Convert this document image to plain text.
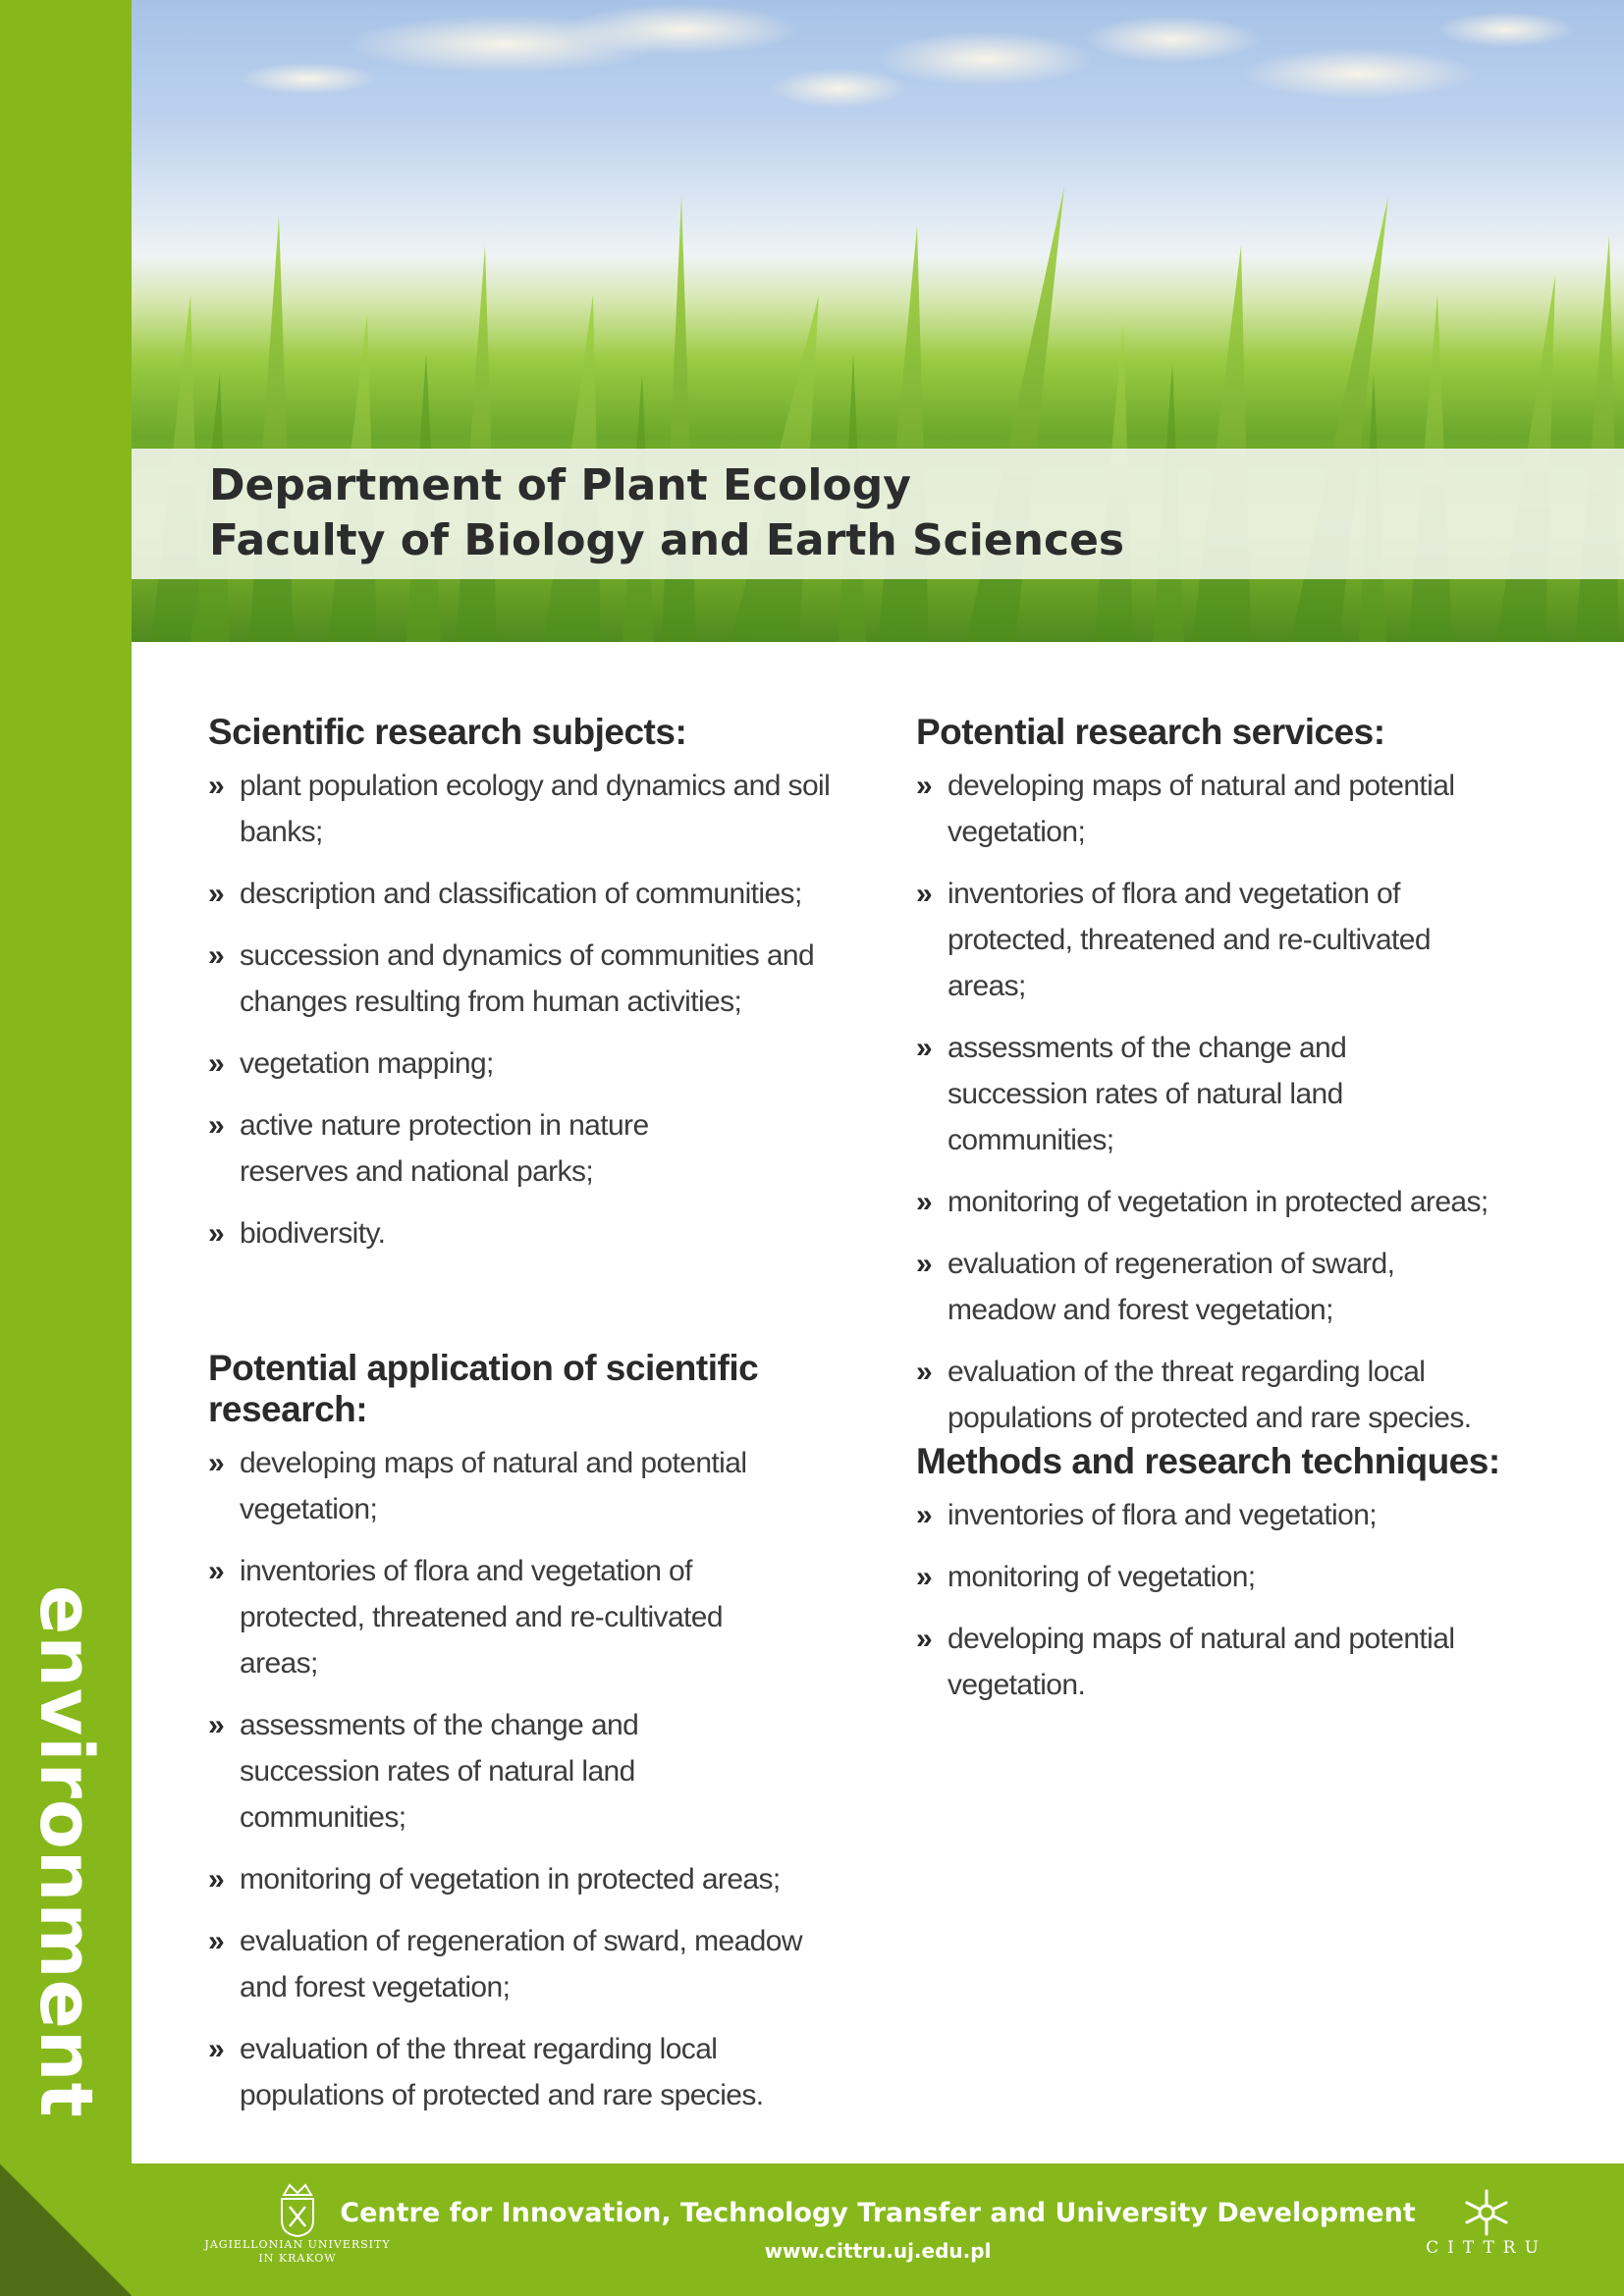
environment
Department of Plant Ecology
Faculty of Biology and Earth Sciences
Scientific research subjects:
» plant population ecology and dynamics and soil banks;
» description and classification of communities;
» succession and dynamics of communities and changes resulting from human activities;
» vegetation mapping;
» active nature protection in nature reserves and national parks;
» biodiversity.
Potential research services:
» developing maps of natural and potential vegetation;
» inventories of flora and vegetation of protected, threatened and re-cultivated areas;
» assessments of the change and succession rates of natural land communities;
» monitoring of vegetation in protected areas;
» evaluation of regeneration of sward, meadow and forest vegetation;
» evaluation of the threat regarding local populations of protected and rare species.
Potential application of scientific research:
» developing maps of natural and potential vegetation;
» inventories of flora and vegetation of protected, threatened and re-cultivated areas;
» assessments of the change and succession rates of natural land communities;
» monitoring of vegetation in protected areas;
» evaluation of regeneration of sward, meadow and forest vegetation;
» evaluation of the threat regarding local populations of protected and rare species.
Methods and research techniques:
» inventories of flora and vegetation;
» monitoring of vegetation;
» developing maps of natural and potential vegetation.
JAGIELLONIAN UNIVERSITY
IN KRAKOW
Centre for Innovation, Technology Transfer and University Development
www.cittru.uj.edu.pl	CITTRU
